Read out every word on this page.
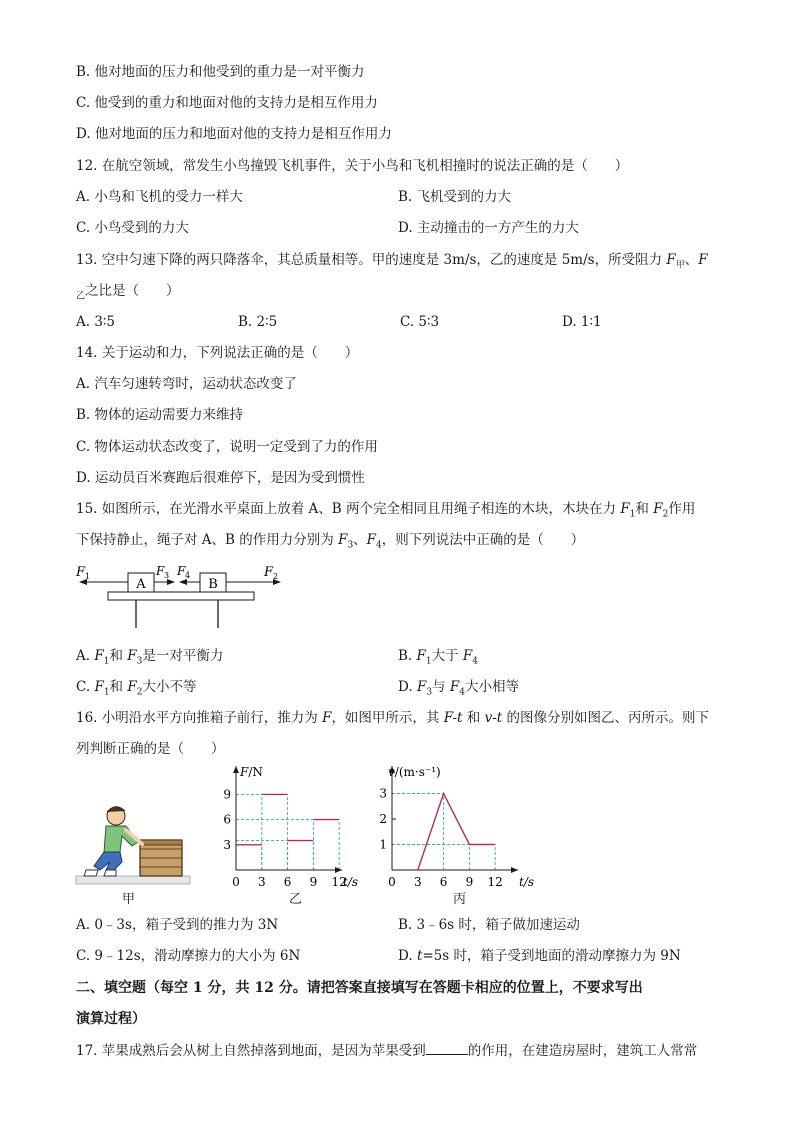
B. 他对地面的压力和他受到的重力是一对平衡力
C. 他受到的重力和地面对他的支持力是相互作用力
D. 他对地面的压力和地面对他的支持力是相互作用力
12. 在航空领域，常发生小鸟撞毁飞机事件，关于小鸟和飞机相撞时的说法正确的是（　　）
A. 小鸟和飞机的受力一样大	B. 飞机受到的力大
C. 小鸟受到的力大	D. 主动撞击的一方产生的力大
13. 空中匀速下降的两只降落伞，其总质量相等。甲的速度是 3m/s，乙的速度是 5m/s，所受阻力 $F_甲$、F
$_乙$之比是（　　）
A. 3∶5	B. 2∶5	C. 5∶3	D. 1∶1
14. 关于运动和力，下列说法正确的是（　　）
A. 汽车匀速转弯时，运动状态改变了
B. 物体的运动需要力来维持
C. 物体运动状态改变了，说明一定受到了力的作用
D. 运动员百米赛跑后很难停下，是因为受到惯性
15. 如图所示，在光滑水平桌面上放着 A、B 两个完全相同且用绳子相连的木块，木块在力 $F_1$和 $F_2$作用
下保持静止，绳子对 A、B 的作用力分别为 $F_3$、$F_4$，则下列说法中正确的是（　　）
A	B
F 1	F 3 F 4	F 2
A. $F_1$和 $F_3$是一对平衡力	B. $F_1$大于 $F_4$
C. $F_1$和 $F_2$大小不等	D. $F_3$与 $F_4$大小相等
16. 小明沿水平方向推箱子前行，推力为 F，如图甲所示，其 F-t 和 v-t 的图像分别如图乙、丙所示。则下
列判断正确的是（　　）
甲
0 3 6 9 12
3
6
9
t/s
F/N
乙
0 3 6 9 12
1
2
3
t/s
v/(m·s⁻¹)
丙
A. 0﹣3s，箱子受到的推力为 3N	B. 3﹣6s 时，箱子做加速运动
C. 9﹣12s，滑动摩擦力的大小为 6N	D. t=5s 时，箱子受到地面的滑动摩擦力为 9N
二、填空题（每空 1 分，共 12 分。请把答案直接填写在答题卡相应的位置上，不要求写出
演算过程）
17. 苹果成熟后会从树上自然掉落到地面，是因为苹果受到	的作用，在建造房屋时，建筑工人常常
